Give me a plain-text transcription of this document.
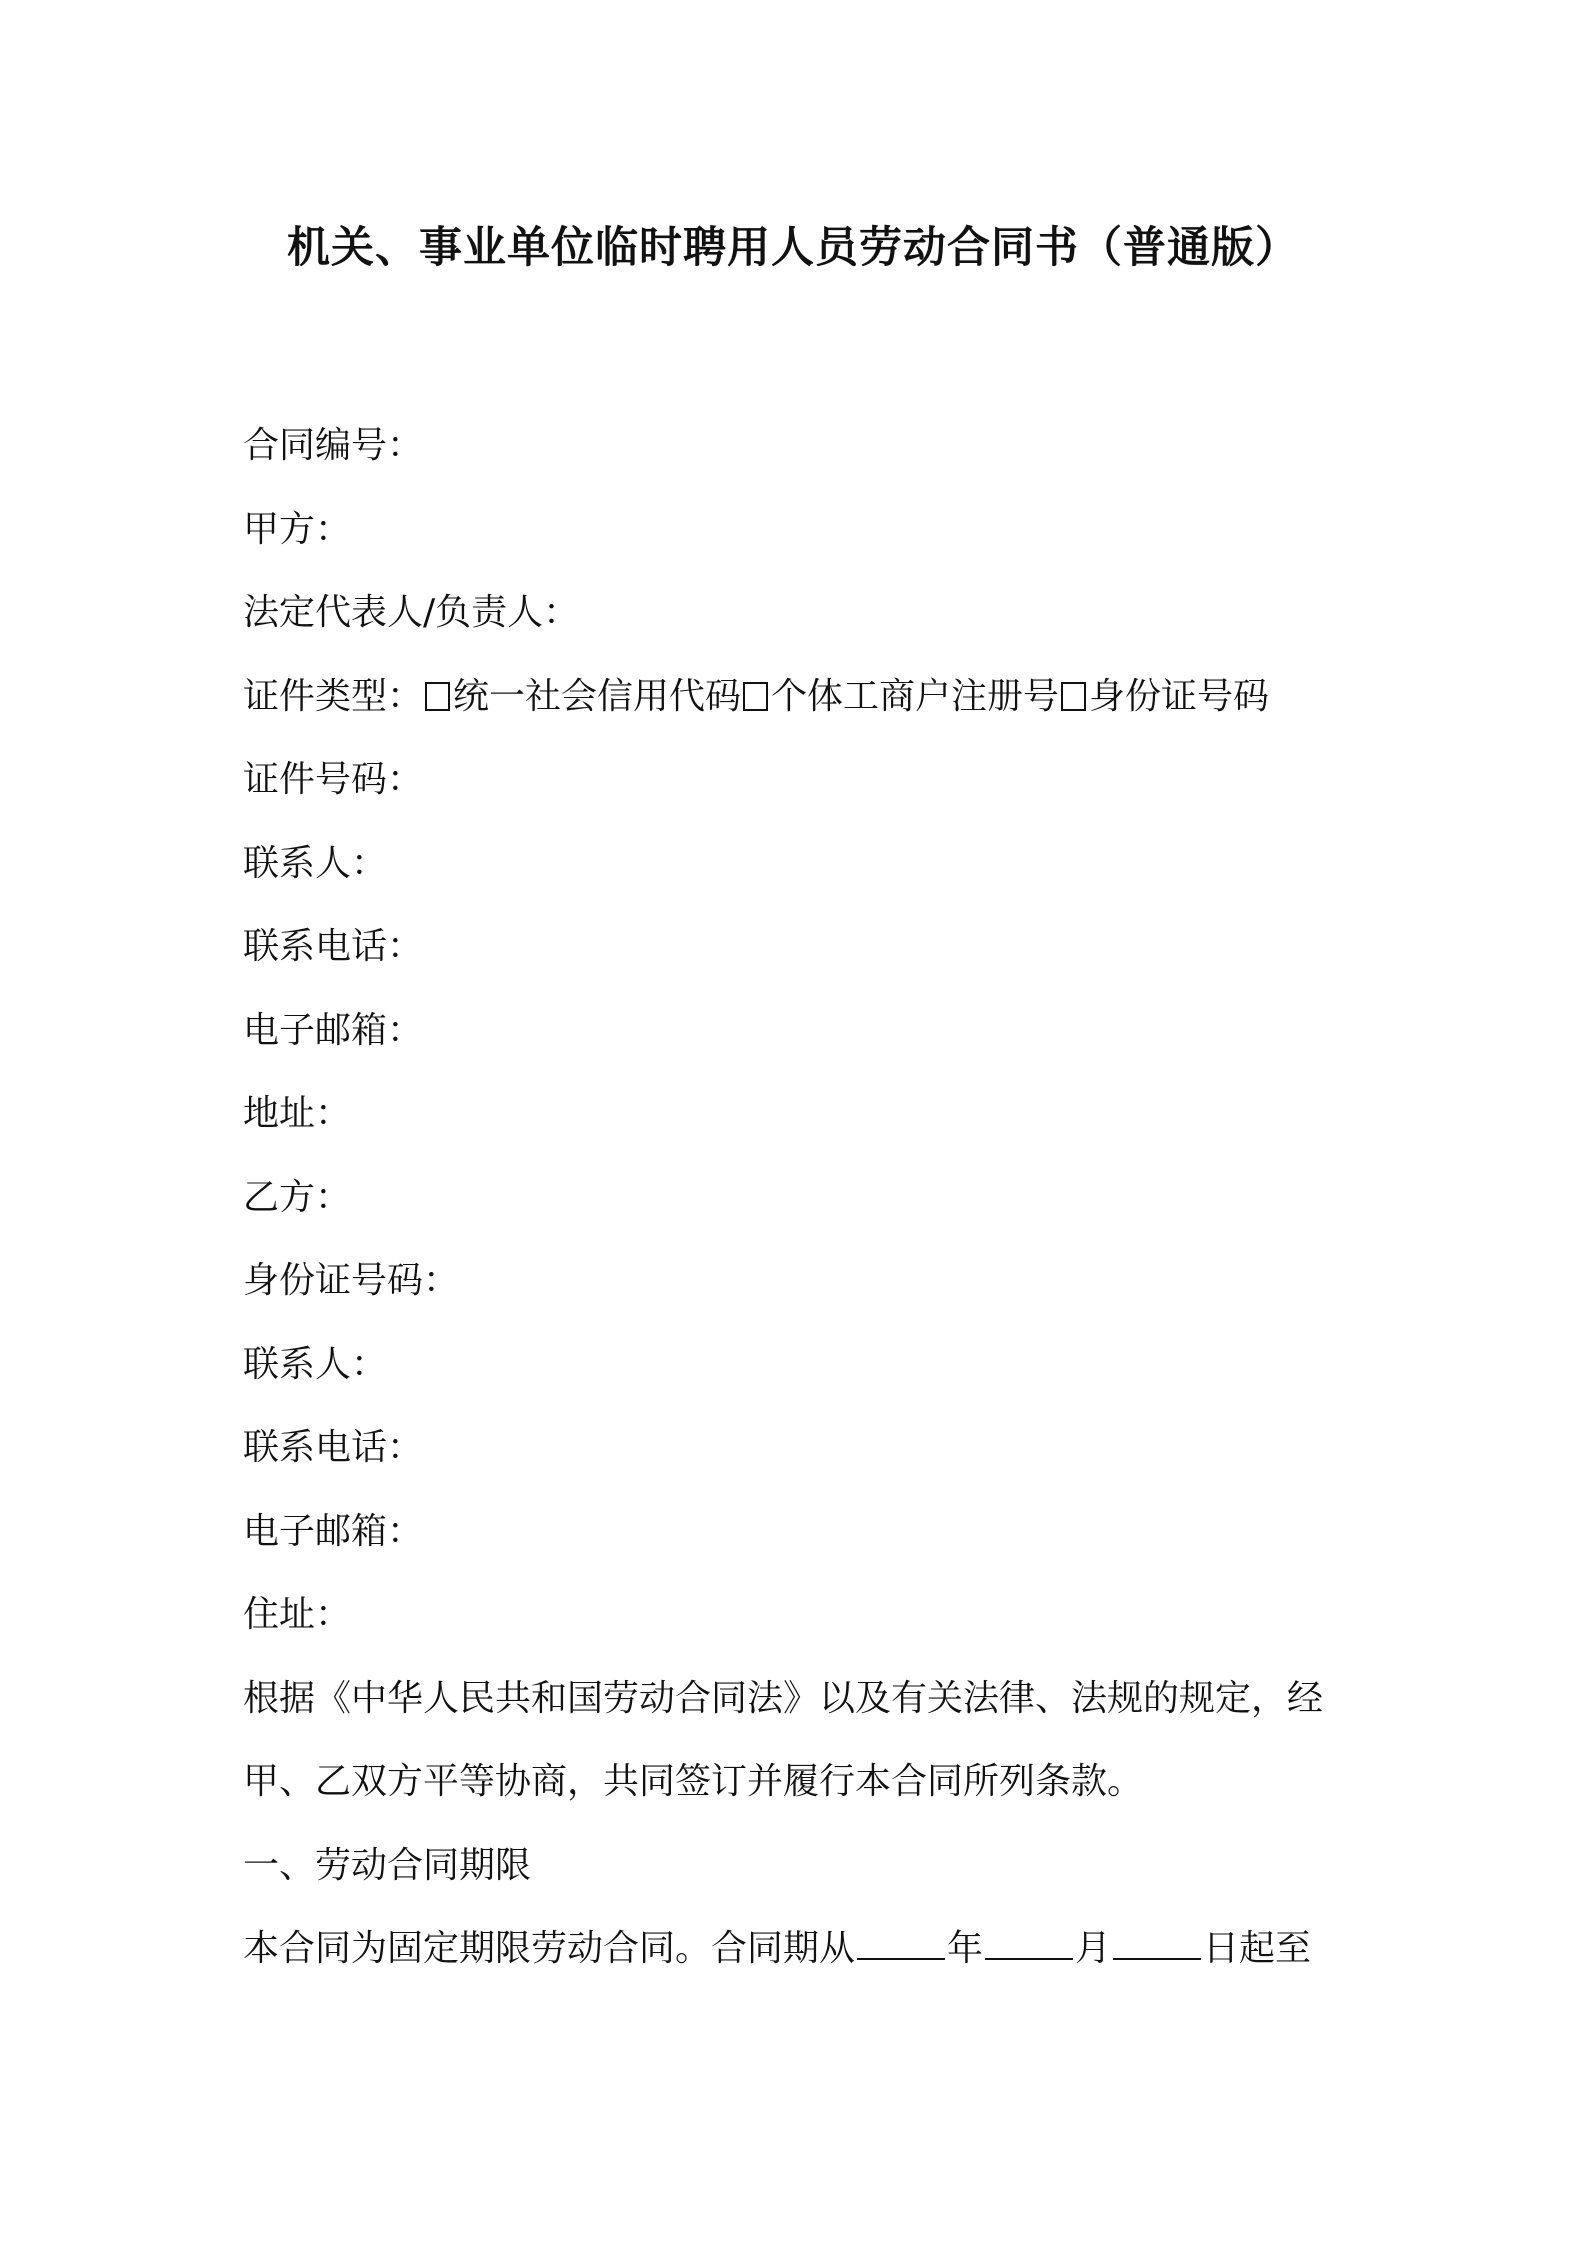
机关、事业单位临时聘用人员劳动合同书（普通版）
合同编号：
甲方：
法定代表人/负责人：
证件类型： 统一社会信用代码 个体工商户注册号 身份证号码
证件号码：
联系人：
联系电话：
电子邮箱：
地址：
乙方：
身份证号码：
联系人：
联系电话：
电子邮箱：
住址：
根据《中华人民共和国劳动合同法》以及有关法律、法规的规定，经
甲、乙双方平等协商，共同签订并履行本合同所列条款。
一、劳动合同期限
本合同为固定期限劳动合同。合同期从	年	月	日起至
